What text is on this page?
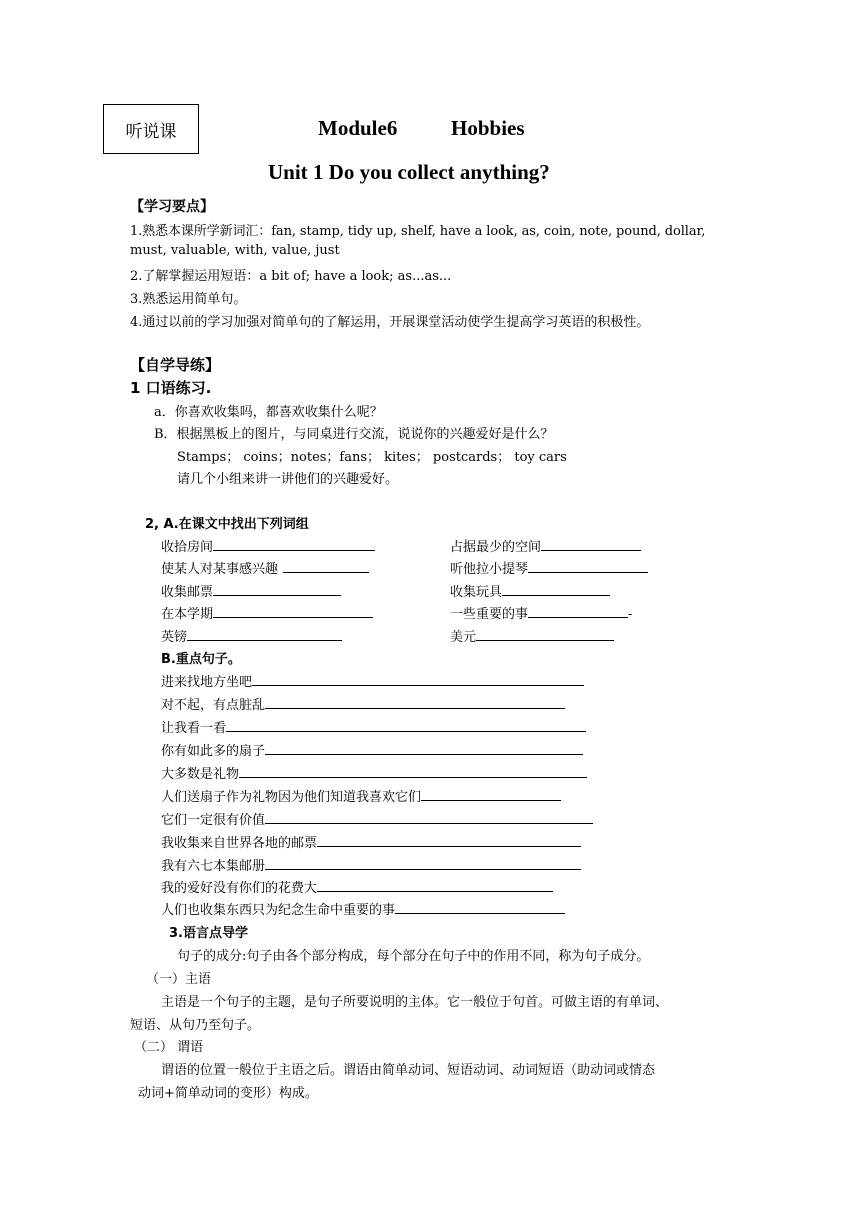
听说课	Module6	Hobbies
Unit 1 Do you collect anything?
【学习要点】
1.熟悉本课所学新词汇：fan, stamp, tidy up, shelf, have a look, as, coin, note, pound, dollar,
must, valuable, with, value, just
2.了解掌握运用短语：a bit of; have a look; as...as...
3.熟悉运用简单句。
4.通过以前的学习加强对简单句的了解运用，开展课堂活动使学生提高学习英语的积极性。
【自学导练】
1 口语练习.
a．你喜欢收集吗，都喜欢收集什么呢？
B．根据黑板上的图片，与同桌进行交流，说说你的兴趣爱好是什么？
Stamps； coins；notes；fans； kites； postcards； toy cars
请几个小组来讲一讲他们的兴趣爱好。
2, A.在课文中找出下列词组
收拾房间	占据最少的空间
使某人对某事感兴趣	听他拉小提琴
收集邮票	收集玩具
在本学期	一些重要的事	-
英镑	美元
B.重点句子。
进来找地方坐吧
对不起，有点脏乱
让我看一看
你有如此多的扇子
大多数是礼物
人们送扇子作为礼物因为他们知道我喜欢它们
它们一定很有价值
我收集来自世界各地的邮票
我有六七本集邮册
我的爱好没有你们的花费大
人们也收集东西只为纪念生命中重要的事
3.语言点导学
句子的成分:句子由各个部分构成，每个部分在句子中的作用不同，称为句子成分。
（一）主语
主语是一个句子的主题，是句子所要说明的主体。它一般位于句首。可做主语的有单词、
短语、从句乃至句子。
（二） 谓语
谓语的位置一般位于主语之后。谓语由简单动词、短语动词、动词短语（助动词或情态
动词+简单动词的变形）构成。
